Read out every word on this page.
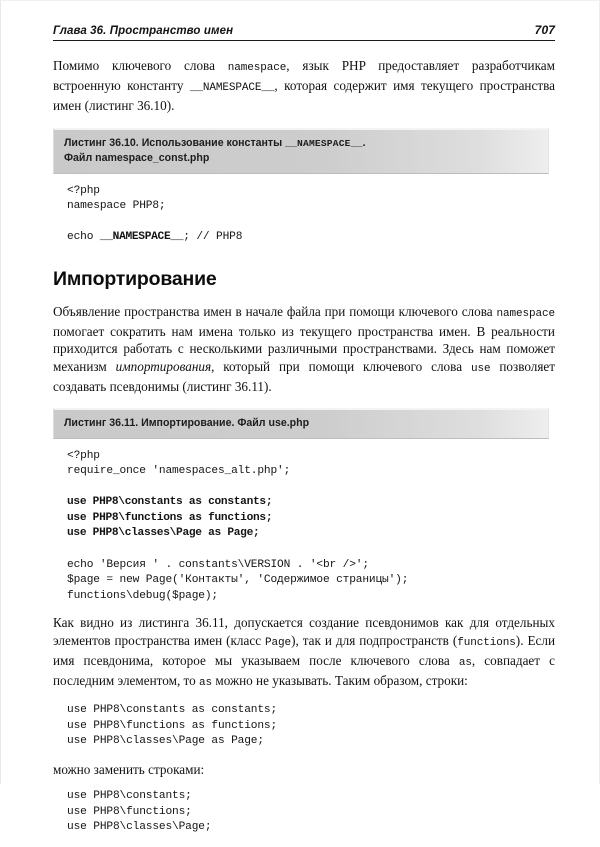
Глава 36. Пространство имен	707

Помимо ключевого слова namespace, язык PHP предоставляет разработчикам встроенную константу __NAMESPACE__, которая содержит имя текущего пространства имен (листинг 36.10).

Листинг 36.10. Использование константы __NAMESPACE__.
Файл namespace_const.php
<?php
namespace PHP8;

echo __NAMESPACE__; // PHP8
Импортирование

Объявление пространства имен в начале файла при помощи ключевого слова namespace помогает сократить нам имена только из текущего пространства имен. В реальности приходится работать с несколькими различными пространствами. Здесь нам поможет механизм импортирования, который при помощи ключевого слова use позволяет создавать псевдонимы (листинг 36.11).

Листинг 36.11. Импортирование. Файл use.php
<?php
require_once 'namespaces_alt.php';

use PHP8\constants as constants;
use PHP8\functions as functions;
use PHP8\classes\Page as Page;

echo 'Версия ' . constants\VERSION . '<br />';
$page = new Page('Контакты', 'Содержимое страницы');
functions\debug($page);

Как видно из листинга 36.11, допускается создание псевдонимов как для отдельных элементов пространства имен (класс Page), так и для подпространств (functions). Если имя псевдонима, которое мы указываем после ключевого слова as, совпадает с последним элементом, то as можно не указывать. Таким образом, строки:

use PHP8\constants as constants;
use PHP8\functions as functions;
use PHP8\classes\Page as Page;

можно заменить строками:

use PHP8\constants;
use PHP8\functions;
use PHP8\classes\Page;
